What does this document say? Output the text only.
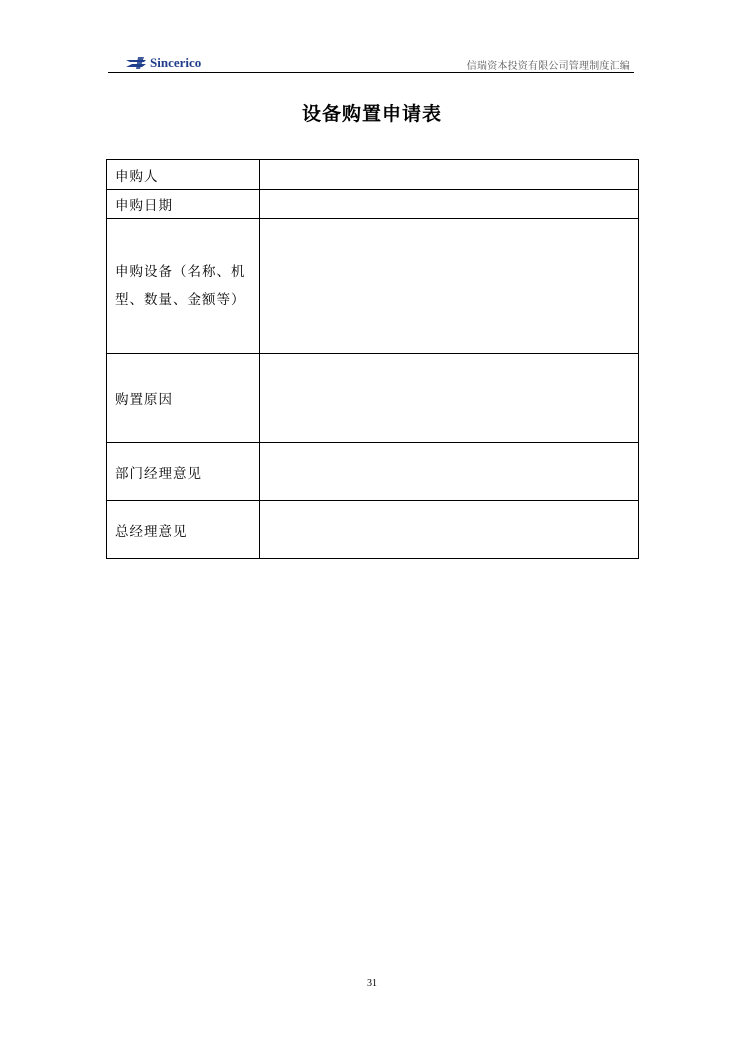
Sincerico	信瑞资本投资有限公司管理制度汇编
设备购置申请表
申购人	
申购日期	
申购设备（名称、机型、数量、金额等）	
购置原因	
部门经理意见	
总经理意见	
31
